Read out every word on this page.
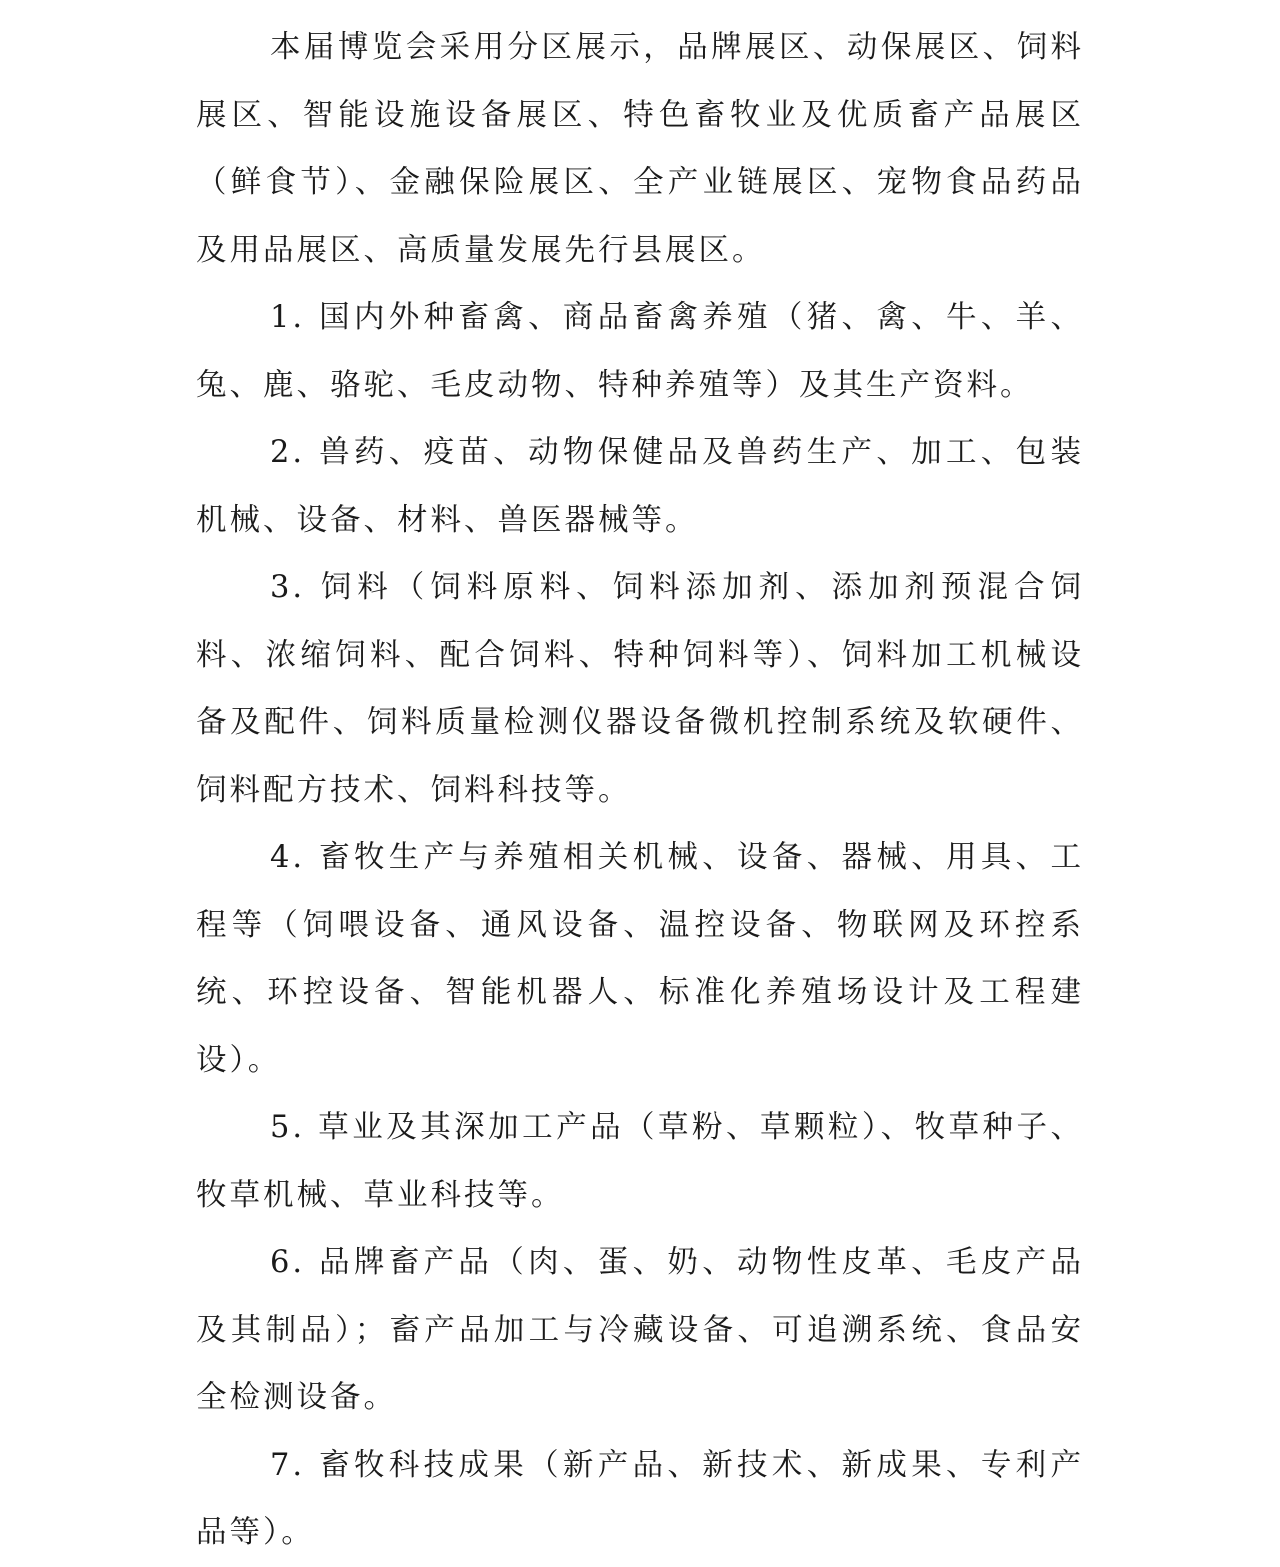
本届博览会采用分区展示，品牌展区、动保展区、饲料展区、智能设施设备展区、特色畜牧业及优质畜产品展区（鲜食节）、金融保险展区、全产业链展区、宠物食品药品及用品展区、高质量发展先行县展区。

1. 国内外种畜禽、商品畜禽养殖（猪、禽、牛、羊、兔、鹿、骆驼、毛皮动物、特种养殖等）及其生产资料。

2. 兽药、疫苗、动物保健品及兽药生产、加工、包装机械、设备、材料、兽医器械等。

3. 饲料（饲料原料、饲料添加剂、添加剂预混合饲料、浓缩饲料、配合饲料、特种饲料等）、饲料加工机械设备及配件、饲料质量检测仪器设备微机控制系统及软硬件、饲料配方技术、饲料科技等。

4. 畜牧生产与养殖相关机械、设备、器械、用具、工程等（饲喂设备、通风设备、温控设备、物联网及环控系统、环控设备、智能机器人、标准化养殖场设计及工程建设）。

5. 草业及其深加工产品（草粉、草颗粒）、牧草种子、牧草机械、草业科技等。

6. 品牌畜产品（肉、蛋、奶、动物性皮革、毛皮产品及其制品）；畜产品加工与冷藏设备、可追溯系统、食品安全检测设备。

7. 畜牧科技成果（新产品、新技术、新成果、专利产品等）。
